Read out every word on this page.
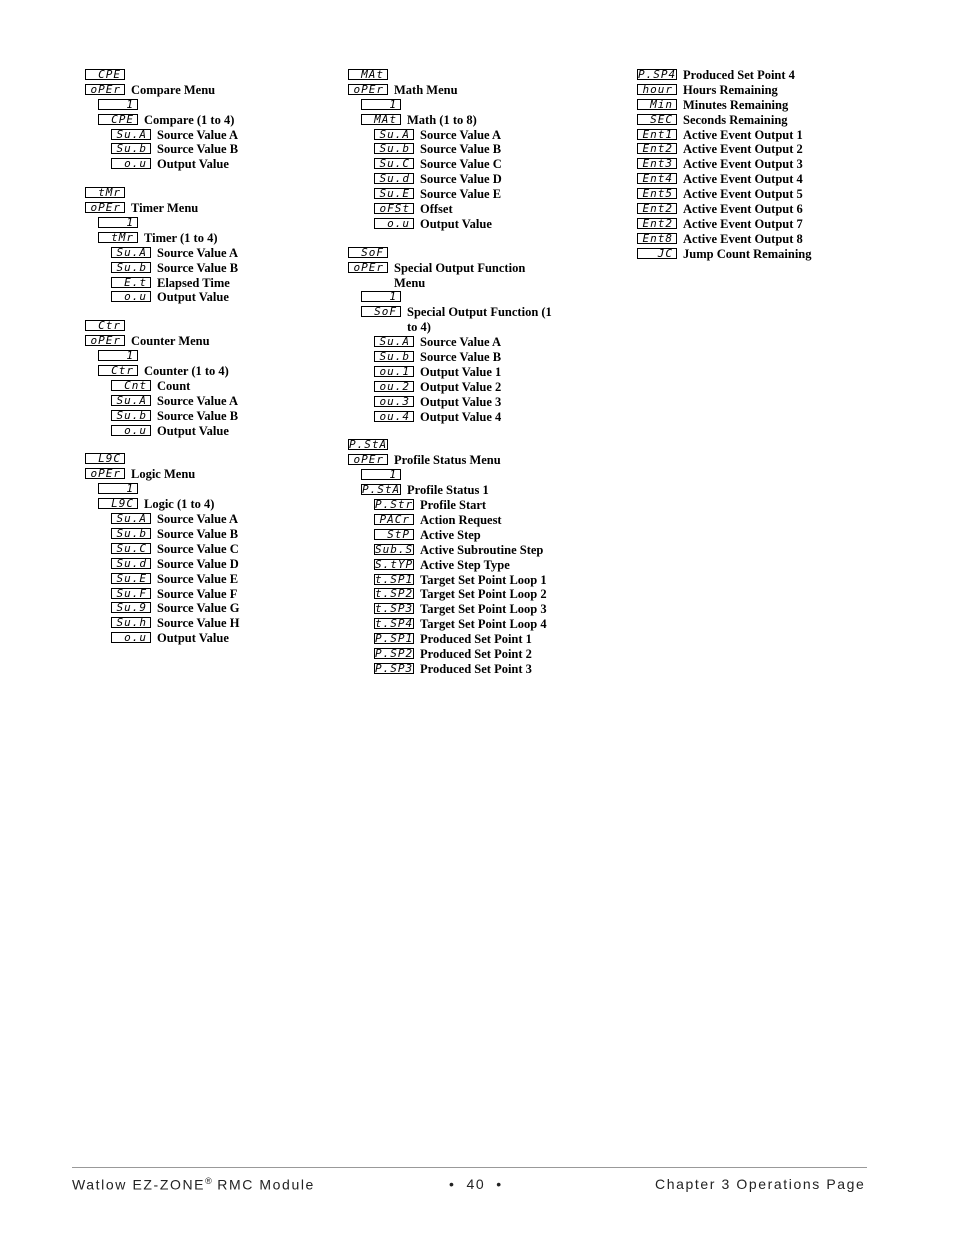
CPE
oPEr Compare Menu
1
CPE Compare (1 to 4)
Su.A Source Value A
Su.b Source Value B
o.u Output Value
tMr
oPEr Timer Menu
1
tMr Timer (1 to 4)
Su.A Source Value A
Su.b Source Value B
E.t Elapsed Time
o.u Output Value
Ctr
oPEr Counter Menu
1
Ctr Counter (1 to 4)
Cnt Count
Su.A Source Value A
Su.b Source Value B
o.u Output Value
L9C
oPEr Logic Menu
1
L9C Logic (1 to 4)
Su.A Source Value A
Su.b Source Value B
Su.C Source Value C
Su.d Source Value D
Su.E Source Value E
Su.F Source Value F
Su.9 Source Value G
Su.h Source Value H
o.u Output Value
MAt
oPEr Math Menu
1
MAt Math (1 to 8)
Su.A Source Value A
Su.b Source Value B
Su.C Source Value C
Su.d Source Value D
Su.E Source Value E
oFSt Offset
o.u Output Value
SoF
oPEr Special Output Function
Menu
1
SoF Special Output Function (1
to 4)
Su.A Source Value A
Su.b Source Value B
ou.1 Output Value 1
ou.2 Output Value 2
ou.3 Output Value 3
ou.4 Output Value 4
P.StA
oPEr Profile Status Menu
1
P.StA Profile Status 1
P.Str Profile Start
PACr Action Request
StP Active Step
Sub.S Active Subroutine Step
S.tYP Active Step Type
t.SP1 Target Set Point Loop 1
t.SP2 Target Set Point Loop 2
t.SP3 Target Set Point Loop 3
t.SP4 Target Set Point Loop 4
P.SP1 Produced Set Point 1
P.SP2 Produced Set Point 2
P.SP3 Produced Set Point 3
P.SP4 Produced Set Point 4
hour Hours Remaining
Min Minutes Remaining
SEC Seconds Remaining
Ent1 Active Event Output 1
Ent2 Active Event Output 2
Ent3 Active Event Output 3
Ent4 Active Event Output 4
Ent5 Active Event Output 5
Ent2 Active Event Output 6
Ent2 Active Event Output 7
Ent8 Active Event Output 8
JC Jump Count Remaining
Watlow EZ-ZONE® RMC Module	•  40  •	Chapter 3 Operations Page
